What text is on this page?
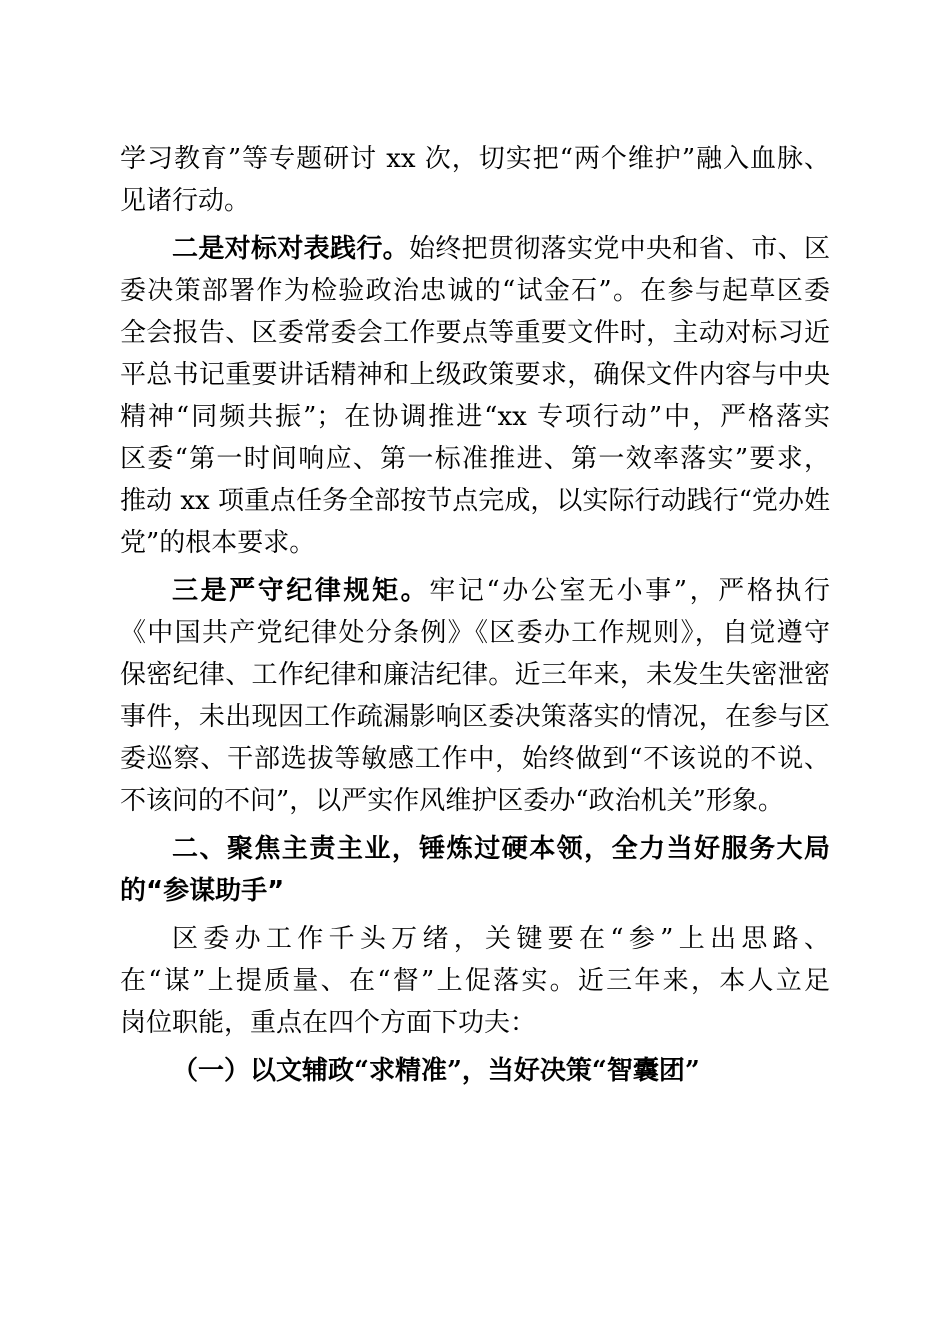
学习教育”等专题研讨 xx 次，切实把“两个维护”融入血脉、
见诸行动。
二是对标对表践行。始终把贯彻落实党中央和省、市、区
委决策部署作为检验政治忠诚的“试金石”。在参与起草区委
全会报告、区委常委会工作要点等重要文件时，主动对标习近
平总书记重要讲话精神和上级政策要求，确保文件内容与中央
精神“同频共振”；在协调推进“xx 专项行动”中，严格落实
区委“第一时间响应、第一标准推进、第一效率落实”要求，
推动 xx 项重点任务全部按节点完成，以实际行动践行“党办姓
党”的根本要求。
三是严守纪律规矩。牢记“办公室无小事”，严格执行
《中国共产党纪律处分条例》《区委办工作规则》，自觉遵守
保密纪律、工作纪律和廉洁纪律。近三年来，未发生失密泄密
事件，未出现因工作疏漏影响区委决策落实的情况，在参与区
委巡察、干部选拔等敏感工作中，始终做到“不该说的不说、
不该问的不问”，以严实作风维护区委办“政治机关”形象。
二、聚焦主责主业，锤炼过硬本领，全力当好服务大局
的“参谋助手”
区委办工作千头万绪，关键要在“参”上出思路、
在“谋”上提质量、在“督”上促落实。近三年来，本人立足
岗位职能，重点在四个方面下功夫：
（一）以文辅政“求精准”，当好决策“智囊团”
